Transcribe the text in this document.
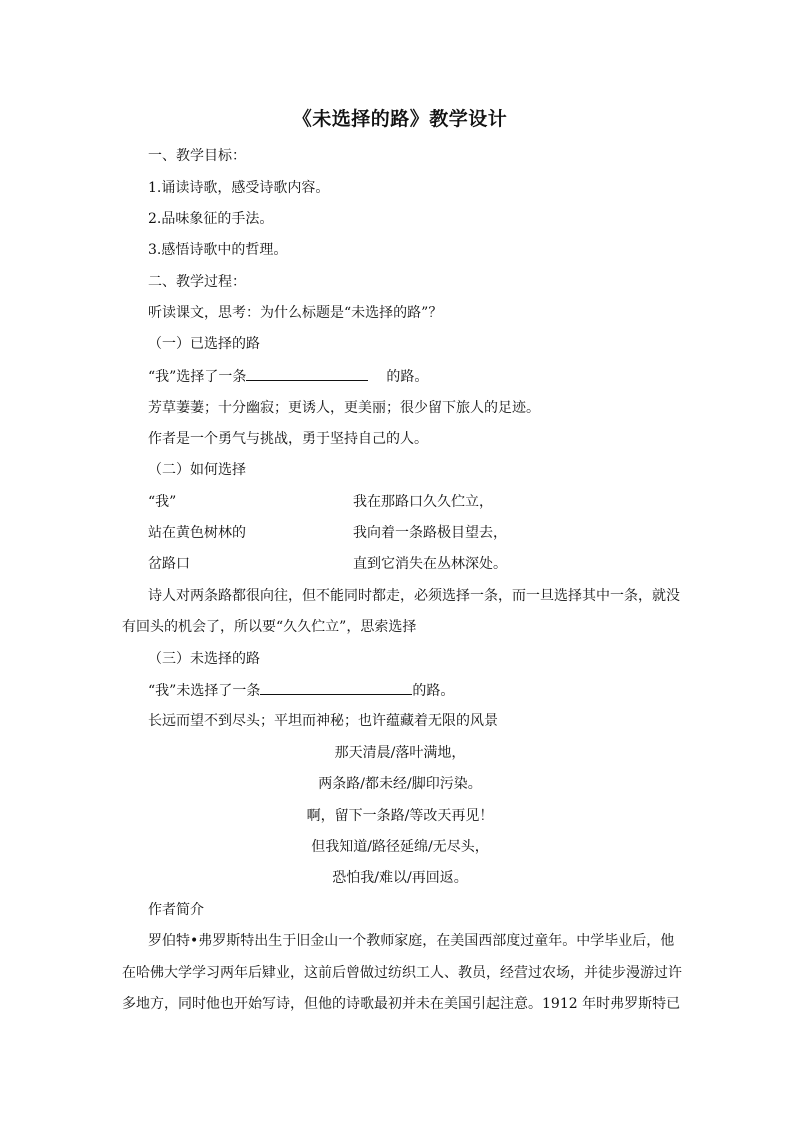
《未选择的路》教学设计
一、教学目标：
1.诵读诗歌，感受诗歌内容。
2.品味象征的手法。
3.感悟诗歌中的哲理。
二、教学过程：
听读课文，思考：为什么标题是“未选择的路”？
（一）已选择的路
“我”选择了一条	的路。
芳草萋萋；十分幽寂；更诱人，更美丽；很少留下旅人的足迹。
作者是一个勇气与挑战，勇于坚持自己的人。
（二）如何选择
“我”	我在那路口久久伫立，
站在黄色树林的	我向着一条路极目望去，
岔路口	直到它消失在丛林深处。
诗人对两条路都很向往，但不能同时都走，必须选择一条，而一旦选择其中一条，就没
有回头的机会了，所以要“久久伫立”，思索选择
（三）未选择的路
“我”未选择了一条	的路。
长远而望不到尽头；平坦而神秘；也许蕴藏着无限的风景
那天清晨/落叶满地，
两条路/都未经/脚印污染。
啊，留下一条路/等改天再见！
但我知道/路径延绵/无尽头，
恐怕我/难以/再回返。
作者简介
罗伯特•弗罗斯特出生于旧金山一个教师家庭，在美国西部度过童年。中学毕业后，他
在哈佛大学学习两年后肄业，这前后曾做过纺织工人、教员，经营过农场，并徒步漫游过许
多地方，同时他也开始写诗，但他的诗歌最初并未在美国引起注意。1912 年时弗罗斯特已
